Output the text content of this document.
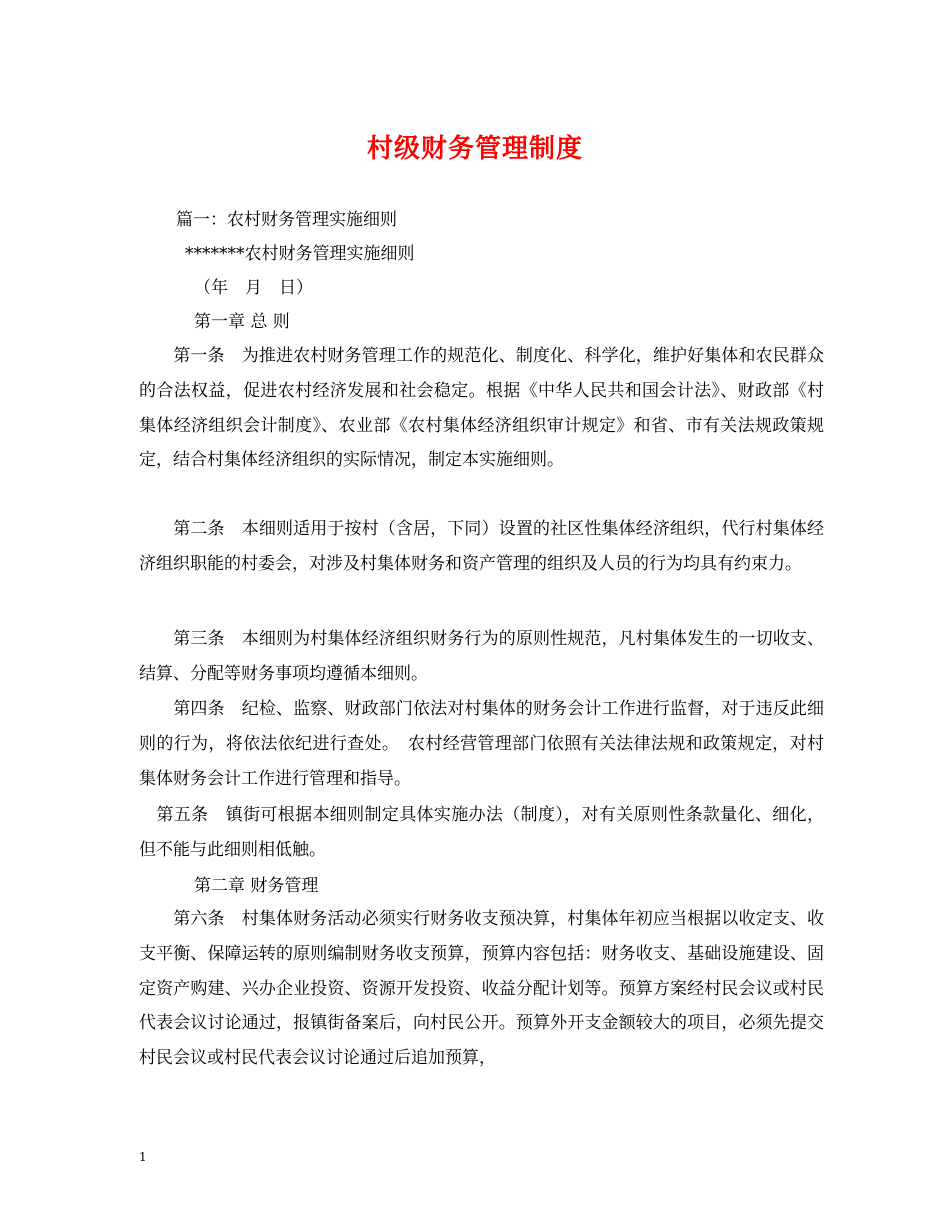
村级财务管理制度
篇一：农村财务管理实施细则
*******农村财务管理实施细则
（年　月　日）
第一章 总 则
　　第一条　为推进农村财务管理工作的规范化、制度化、科学化，维护好集体和农民群众的合法权益，促进农村经济发展和社会稳定。根据《中华人民共和国会计法》、财政部《村集体经济组织会计制度》、农业部《农村集体经济组织审计规定》和省、市有关法规政策规定，结合村集体经济组织的实际情况，制定本实施细则。
　　第二条　本细则适用于按村（含居，下同）设置的社区性集体经济组织，代行村集体经济组织职能的村委会，对涉及村集体财务和资产管理的组织及人员的行为均具有约束力。
　　第三条　本细则为村集体经济组织财务行为的原则性规范，凡村集体发生的一切收支、结算、分配等财务事项均遵循本细则。
　　第四条　纪检、监察、财政部门依法对村集体的财务会计工作进行监督，对于违反此细则的行为，将依法依纪进行查处。　农村经营管理部门依照有关法律法规和政策规定，对村集体财务会计工作进行管理和指导。
　第五条　镇街可根据本细则制定具体实施办法（制度），对有关原则性条款量化、细化，但不能与此细则相低触。
第二章 财务管理
　　第六条　村集体财务活动必须实行财务收支预决算，村集体年初应当根据以收定支、收支平衡、保障运转的原则编制财务收支预算，预算内容包括：财务收支、基础设施建设、固定资产购建、兴办企业投资、资源开发投资、收益分配计划等。预算方案经村民会议或村民代表会议讨论通过，报镇街备案后，向村民公开。预算外开支金额较大的项目，必须先提交村民会议或村民代表会议讨论通过后追加预算，
1
